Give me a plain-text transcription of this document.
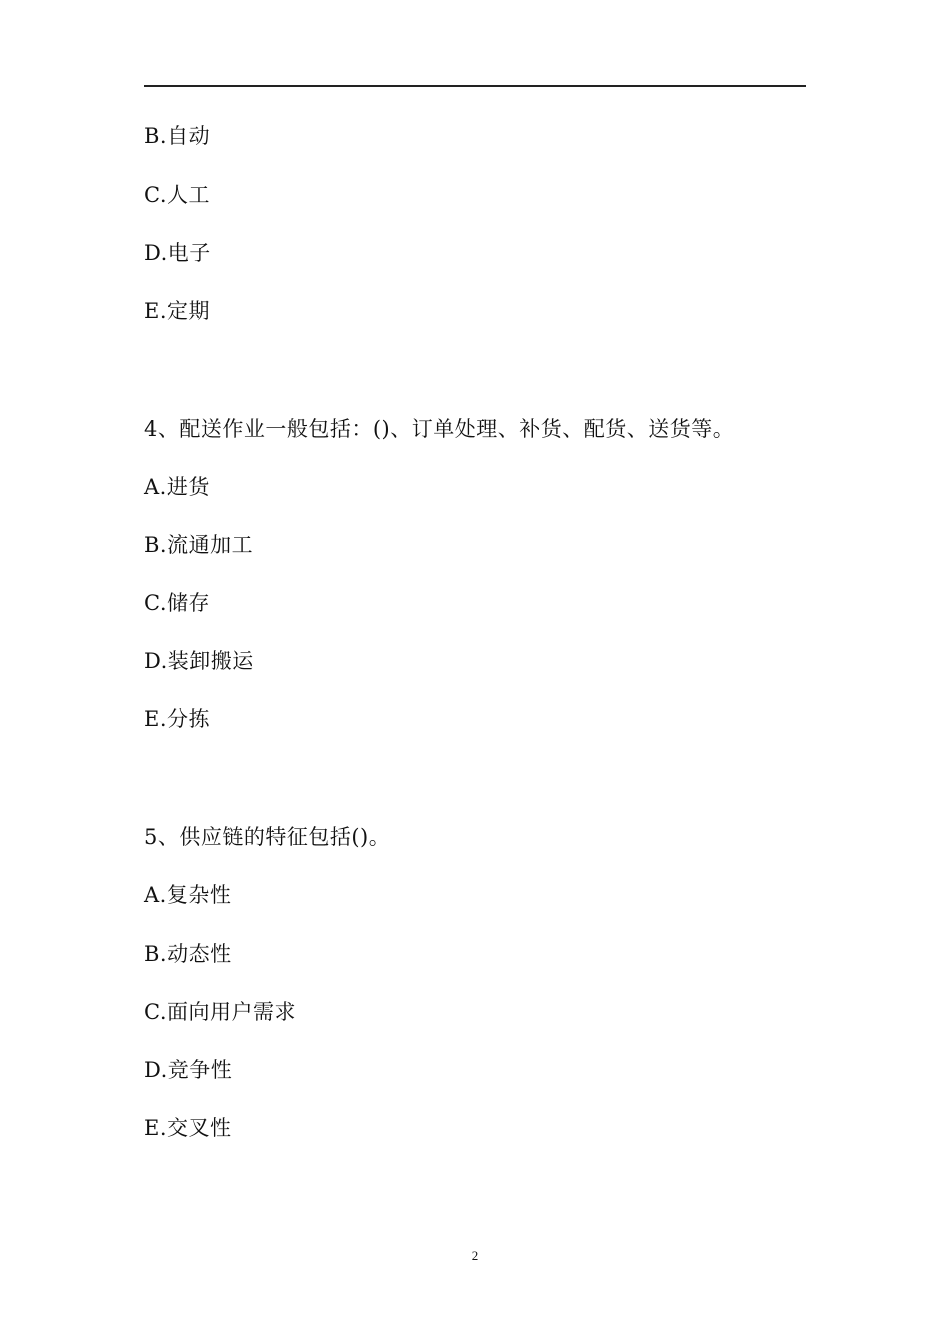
B.自动
C.人工
D.电子
E.定期
4、配送作业一般包括：()、订单处理、补货、配货、送货等。
A.进货
B.流通加工
C.储存
D.装卸搬运
E.分拣
5、供应链的特征包括()。
A.复杂性
B.动态性
C.面向用户需求
D.竞争性
E.交叉性
2
